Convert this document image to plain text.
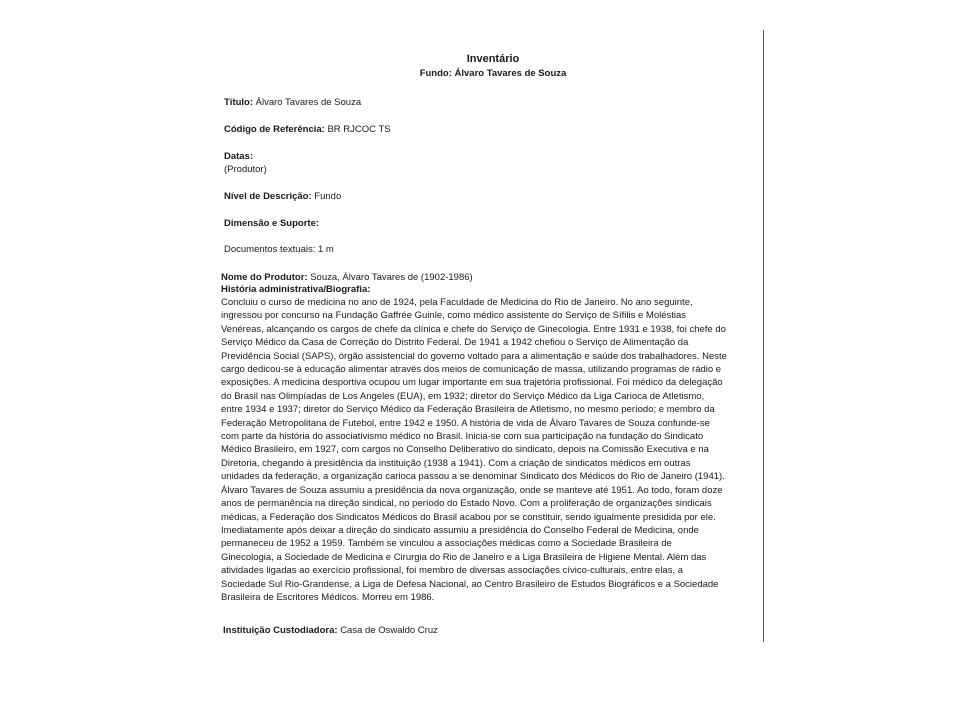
Inventário
Fundo: Álvaro Tavares de Souza
Título: Álvaro Tavares de Souza
Código de Referência: BR RJCOC TS
Datas:
(Produtor)
Nível de Descrição: Fundo
Dimensão e Suporte:
Documentos textuais: 1 m
Nome do Produtor: Souza, Álvaro Tavares de (1902-1986)
História administrativa/Biografia:
Concluiu o curso de medicina no ano de 1924, pela Faculdade de Medicina do Rio de Janeiro. No ano seguinte,
ingressou por concurso na Fundação Gaffrée Guinle, como médico assistente do Serviço de Sífilis e Moléstias
Venéreas, alcançando os cargos de chefe da clínica e chefe do Serviço de Ginecologia. Entre 1931 e 1938, foi chefe do
Serviço Médico da Casa de Correção do Distrito Federal. De 1941 a 1942 chefiou o Serviço de Alimentação da
Previdência Social (SAPS), órgão assistencial do governo voltado para a alimentação e saúde dos trabalhadores. Neste
cargo dedicou-se à educação alimentar através dos meios de comunicação de massa, utilizando programas de rádio e
exposições. A medicina desportiva ocupou um lugar importante em sua trajetória profissional. Foi médico da delegação
do Brasil nas Olimpíadas de Los Angeles (EUA), em 1932; diretor do Serviço Médico da Liga Carioca de Atletismo,
entre 1934 e 1937; diretor do Serviço Médico da Federação Brasileira de Atletismo, no mesmo período; e membro da
Federação Metropolitana de Futebol, entre 1942 e 1950. A história de vida de Álvaro Tavares de Souza confunde-se
com parte da história do associativismo médico no Brasil. Inicia-se com sua participação na fundação do Sindicato
Médico Brasileiro, em 1927, com cargos no Conselho Deliberativo do sindicato, depois na Comissão Executiva e na
Diretoria, chegando à presidência da instituição (1938 a 1941). Com a criação de sindicatos médicos em outras
unidades da federação, a organização carioca passou a se denominar Sindicato dos Médicos do Rio de Janeiro (1941).
Álvaro Tavares de Souza assumiu a presidência da nova organização, onde se manteve até 1951. Ao todo, foram doze
anos de permanência na direção sindical, no período do Estado Novo. Com a proliferação de organizações sindicais
médicas, a Federação dos Sindicatos Médicos do Brasil acabou por se constituir, sendo igualmente presidida por ele.
Imediatamente após deixar a direção do sindicato assumiu a presidência do Conselho Federal de Medicina, onde
permaneceu de 1952 a 1959. Também se vinculou a associações médicas como a Sociedade Brasileira de
Ginecologia, a Sociedade de Medicina e Cirurgia do Rio de Janeiro e a Liga Brasileira de Higiene Mental. Além das
atividades ligadas ao exercício profissional, foi membro de diversas associações cívico-culturais, entre elas, a
Sociedade Sul Rio-Grandense, a Liga de Defesa Nacional, ao Centro Brasileiro de Estudos Biográficos e a Sociedade
Brasileira de Escritores Médicos. Morreu em 1986.
Instituição Custodiadora: Casa de Oswaldo Cruz
